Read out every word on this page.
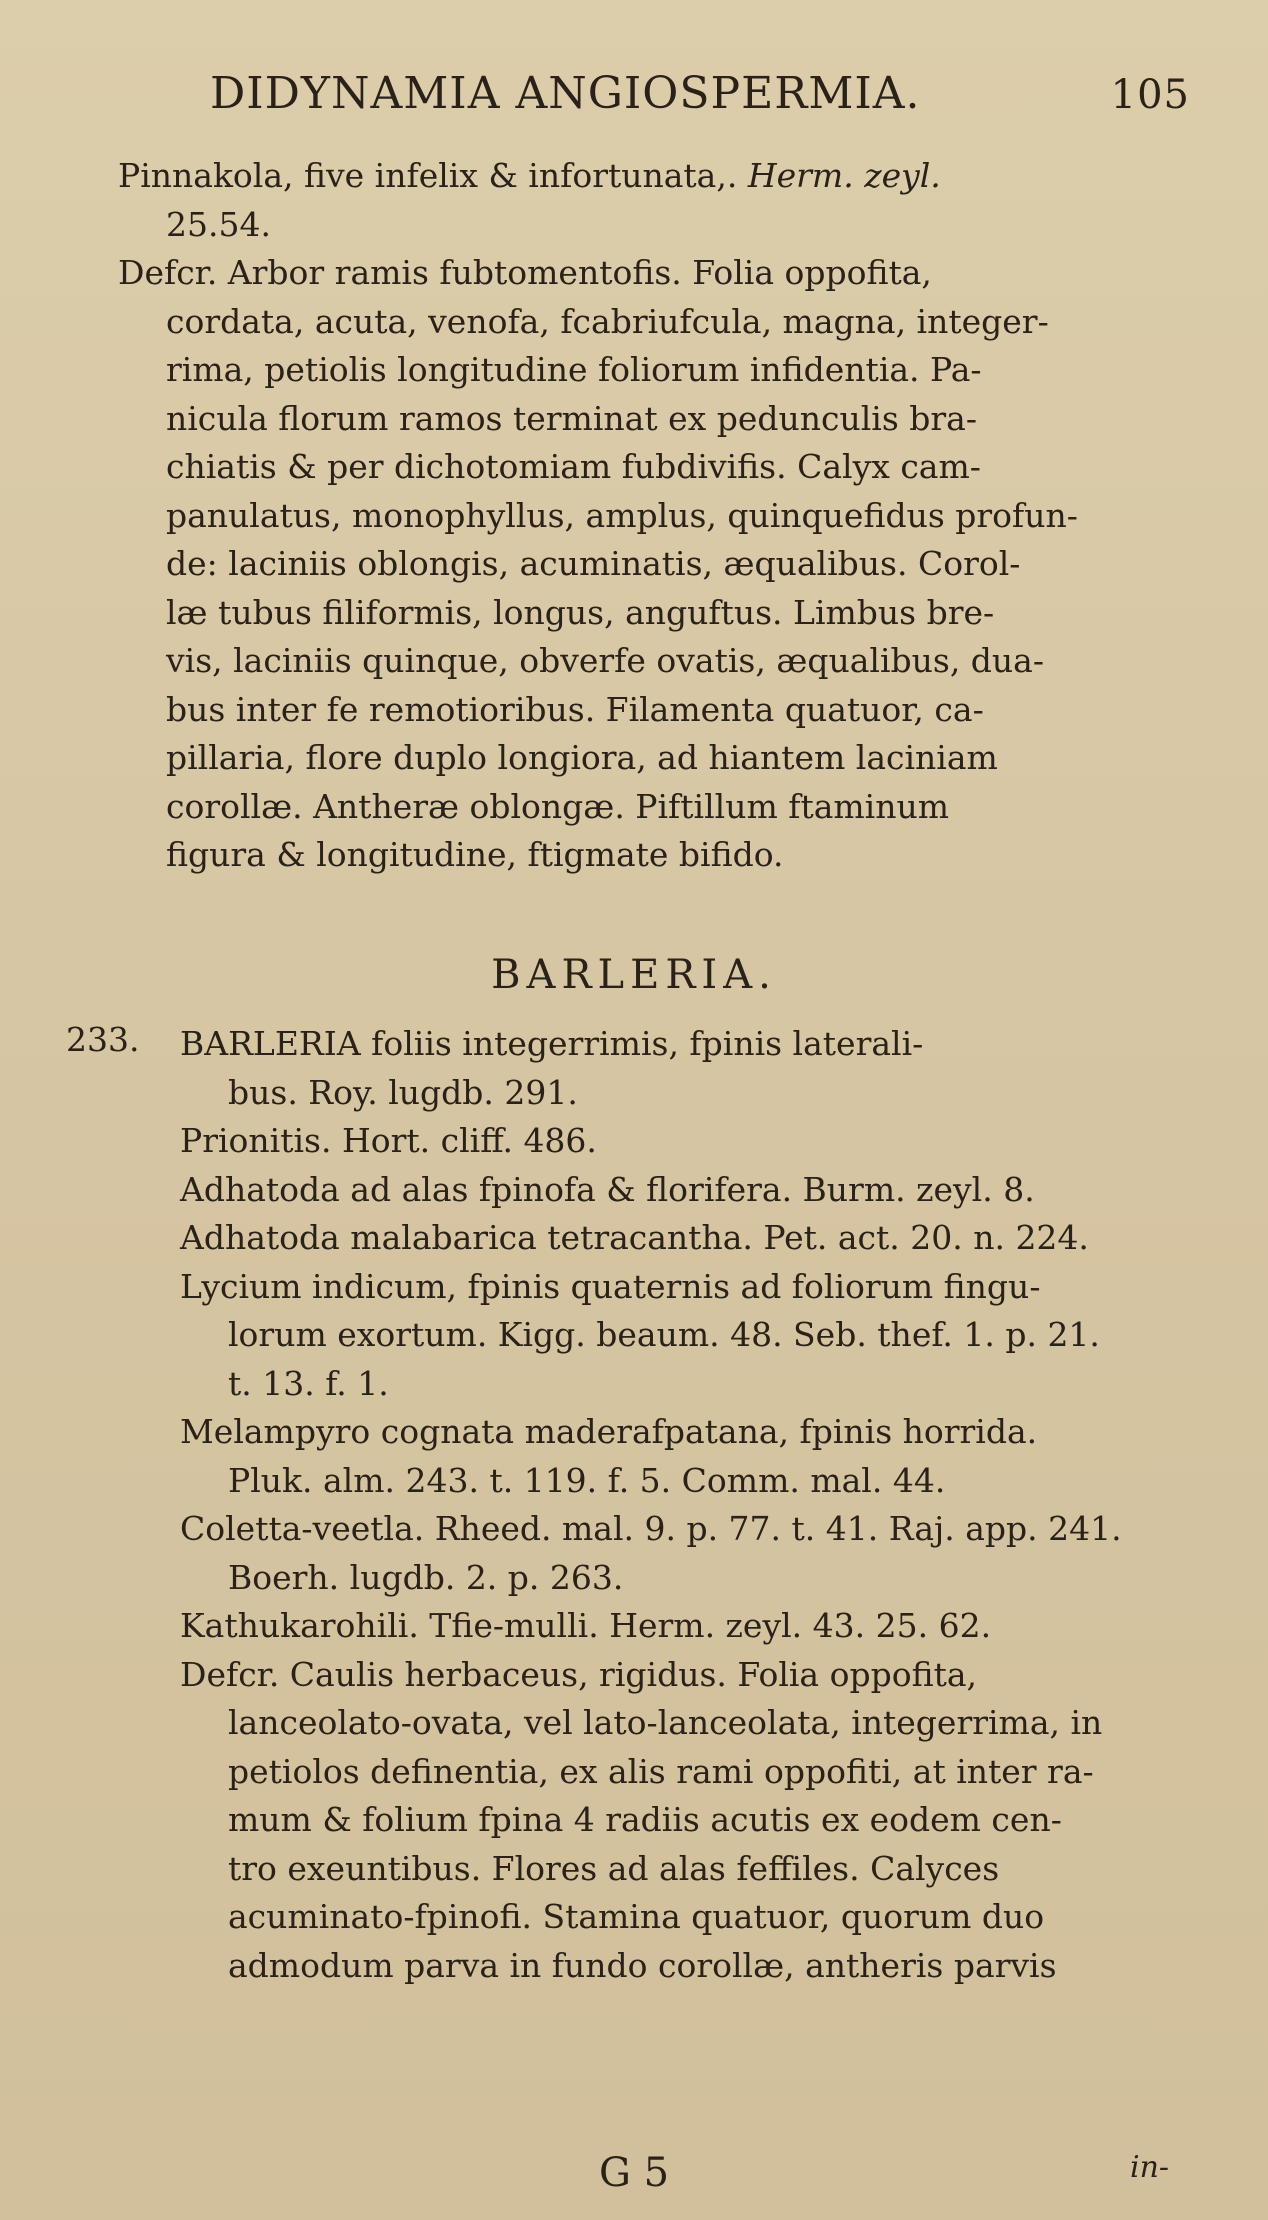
DIDYNAMIA ANGIOSPERMIA.	105
Pinnakola, five infelix & infortunata,. Herm. zeyl.
25.54.
Defcr. Arbor ramis fubtomentofis. Folia oppofita,
cordata, acuta, venofa, fcabriufcula, magna, integer-
rima, petiolis longitudine foliorum infidentia. Pa-
nicula florum ramos terminat ex pedunculis bra-
chiatis & per dichotomiam fubdivifis. Calyx cam-
panulatus, monophyllus, amplus, quinquefidus profun-
de: laciniis oblongis, acuminatis, æqualibus. Corol-
læ tubus filiformis, longus, anguftus. Limbus bre-
vis, laciniis quinque, obverfe ovatis, æqualibus, dua-
bus inter fe remotioribus. Filamenta quatuor, ca-
pillaria, flore duplo longiora, ad hiantem laciniam
corollæ. Antheræ oblongæ. Piftillum ftaminum
figura & longitudine, ftigmate bifido.
BARLERIA.
233. BARLERIA foliis integerrimis, fpinis laterali-
bus. Roy. lugdb. 291.
Prionitis. Hort. cliff. 486.
Adhatoda ad alas fpinofa & florifera. Burm. zeyl. 8.
Adhatoda malabarica tetracantha. Pet. act. 20. n. 224.
Lycium indicum, fpinis quaternis ad foliorum fingu-
lorum exortum. Kigg. beaum. 48. Seb. thef. 1. p. 21.
t. 13. f. 1.
Melampyro cognata maderafpatana, fpinis horrida.
Pluk. alm. 243. t. 119. f. 5. Comm. mal. 44.
Coletta-veetla. Rheed. mal. 9. p. 77. t. 41. Raj. app. 241.
Boerh. lugdb. 2. p. 263.
Kathukarohili. Tfie-mulli. Herm. zeyl. 43. 25. 62.
Defcr. Caulis herbaceus, rigidus. Folia oppofita,
lanceolato-ovata, vel lato-lanceolata, integerrima, in
petiolos definentia, ex alis rami oppofiti, at inter ra-
mum & folium fpina 4 radiis acutis ex eodem cen-
tro exeuntibus. Flores ad alas feffiles. Calyces
acuminato-fpinofi. Stamina quatuor, quorum duo
admodum parva in fundo corollæ, antheris parvis
G 5	in-
